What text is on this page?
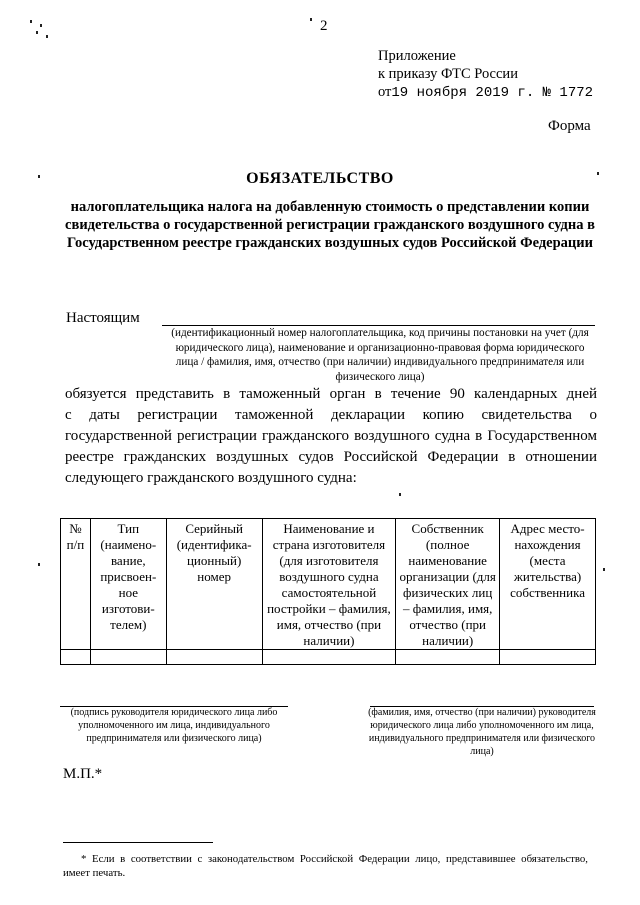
2
Приложение
к приказу ФТС России
от19 ноября 2019 г. № 1772
Форма
ОБЯЗАТЕЛЬСТВО
налогоплательщика налога на добавленную стоимость о представлении копии свидетельства о государственной регистрации гражданского воздушного судна в Государственном реестре гражданских воздушных судов Российской Федерации
Настоящим
(идентификационный номер налогоплательщика, код причины постановки на учет (для юридического лица), наименование и организационно-правовая форма юридического лица / фамилия, имя, отчество (при наличии) индивидуального предпринимателя или физического лица)

обязуется представить в таможенный орган в течение 90 календарных дней

с даты регистрации таможенной декларации копию свидетельства о

государственной регистрации гражданского воздушного судна в Государственном

реестре гражданских воздушных судов Российской Федерации в отношении

следующего гражданского воздушного судна:

№ п/п	Тип (наимено-вание, присвоен-ное изготови-телем)	Серийный (идентифика-ционный) номер	Наименование и страна изготовителя (для изготовителя воздушного судна самостоятельной постройки – фамилия, имя, отчество (при наличии)	Собственник (полное наименование организации (для физических лиц – фамилия, имя, отчество (при наличии)	Адрес место-нахождения (места жительства) собственника

(подпись руководителя юридического лица либо уполномоченного им лица, индивидуального предпринимателя или физического лица)
(фамилия, имя, отчество (при наличии) руководителя юридического лица либо уполномоченного им лица, индивидуального предпринимателя или физического лица)
М.П.*

* Если в соответствии с законодательством Российской Федерации лицо, представившее обязательство, имеет печать.
